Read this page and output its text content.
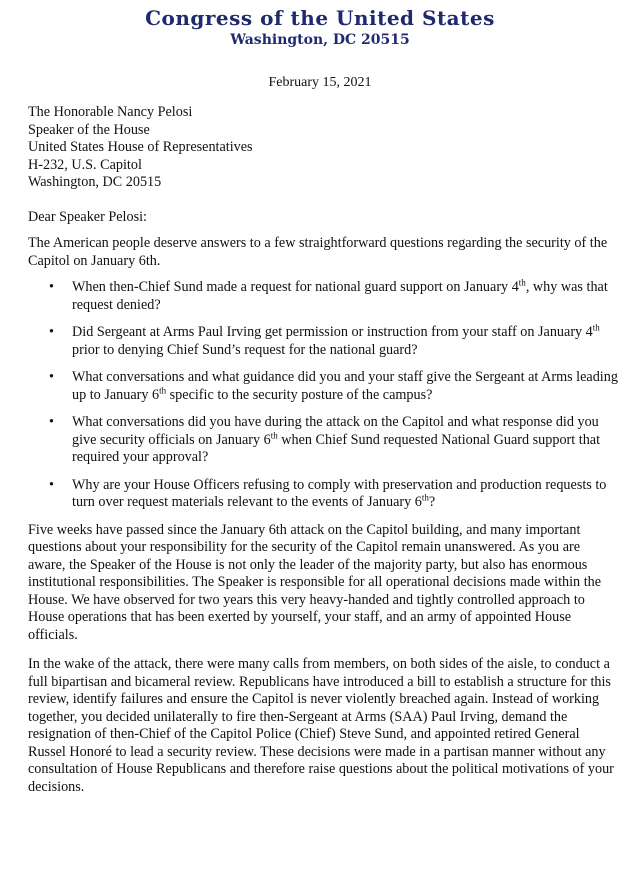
Congress of the United States
Washington, DC 20515
February 15, 2021
The Honorable Nancy Pelosi
Speaker of the House
United States House of Representatives
H-232, U.S. Capitol
Washington, DC 20515
Dear Speaker Pelosi:

The American people deserve answers to a few straightforward questions regarding the security of the Capitol on January 6th.

• When then-Chief Sund made a request for national guard support on January 4th, why was that request denied?
• Did Sergeant at Arms Paul Irving get permission or instruction from your staff on January 4th prior to denying Chief Sund’s request for the national guard?
• What conversations and what guidance did you and your staff give the Sergeant at Arms leading up to January 6th specific to the security posture of the campus?
• What conversations did you have during the attack on the Capitol and what response did you give security officials on January 6th when Chief Sund requested National Guard support that required your approval?
• Why are your House Officers refusing to comply with preservation and production requests to turn over request materials relevant to the events of January 6th?

Five weeks have passed since the January 6th attack on the Capitol building, and many important questions about your responsibility for the security of the Capitol remain unanswered. As you are aware, the Speaker of the House is not only the leader of the majority party, but also has enormous institutional responsibilities. The Speaker is responsible for all operational decisions made within the House. We have observed for two years this very heavy-handed and tightly controlled approach to House operations that has been exerted by yourself, your staff, and an army of appointed House officials.

In the wake of the attack, there were many calls from members, on both sides of the aisle, to conduct a full bipartisan and bicameral review. Republicans have introduced a bill to establish a structure for this review, identify failures and ensure the Capitol is never violently breached again. Instead of working together, you decided unilaterally to fire then-Sergeant at Arms (SAA) Paul Irving, demand the resignation of then-Chief of the Capitol Police (Chief) Steve Sund, and appointed retired General Russel Honoré to lead a security review. These decisions were made in a partisan manner without any consultation of House Republicans and therefore raise questions about the political motivations of your decisions.
